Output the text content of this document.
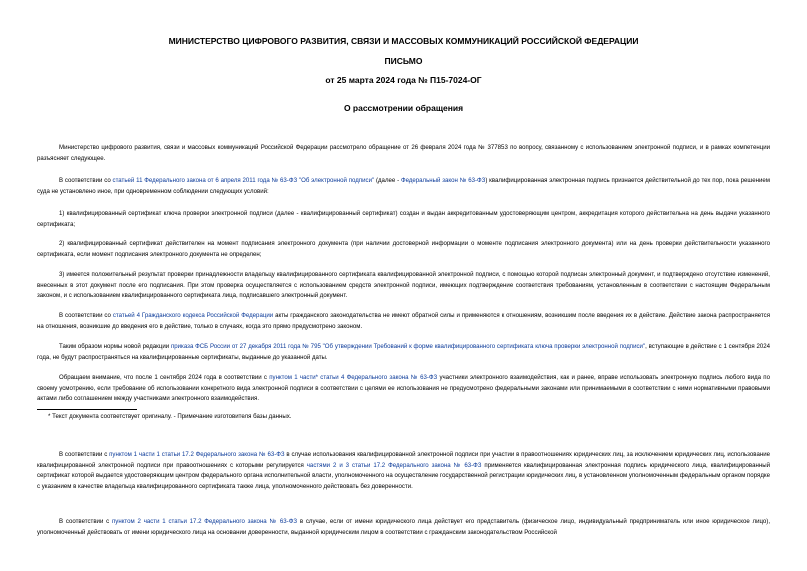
МИНИСТЕРСТВО ЦИФРОВОГО РАЗВИТИЯ, СВЯЗИ И МАССОВЫХ КОММУНИКАЦИЙ РОССИЙСКОЙ ФЕДЕРАЦИИ
ПИСЬМО
от 25 марта 2024 года № П15-7024-ОГ
О рассмотрении обращения

Министерство цифрового развития, связи и массовых коммуникаций Российской Федерации рассмотрело обращение от 26 февраля 2024 года № 377853 по вопросу, связанному с использованием электронной подписи, и в рамках компетенции разъясняет следующее.

В соответствии со статьей 11 Федерального закона от 6 апреля 2011 года № 63-ФЗ "Об электронной подписи" (далее - Федеральный закон № 63-ФЗ) квалифицированная электронная подпись признается действительной до тех пор, пока решением суда не установлено иное, при одновременном соблюдении следующих условий:

1) квалифицированный сертификат ключа проверки электронной подписи (далее - квалифицированный сертификат) создан и выдан аккредитованным удостоверяющим центром, аккредитация которого действительна на день выдачи указанного сертификата;

2) квалифицированный сертификат действителен на момент подписания электронного документа (при наличии достоверной информации о моменте подписания электронного документа) или на день проверки действительности указанного сертификата, если момент подписания электронного документа не определен;

3) имеется положительный результат проверки принадлежности владельцу квалифицированного сертификата квалифицированной электронной подписи, с помощью которой подписан электронный документ, и подтверждено отсутствие изменений, внесенных в этот документ после его подписания. При этом проверка осуществляется с использованием средств электронной подписи, имеющих подтверждение соответствия требованиям, установленным в соответствии с настоящим Федеральным законом, и с использованием квалифицированного сертификата лица, подписавшего электронный документ.

В соответствии со статьей 4 Гражданского кодекса Российской Федерации акты гражданского законодательства не имеют обратной силы и применяются к отношениям, возникшим после введения их в действие. Действие закона распространяется на отношения, возникшие до введения его в действие, только в случаях, когда это прямо предусмотрено законом.

Таким образом нормы новой редакции приказа ФСБ России от 27 декабря 2011 года № 795 "Об утверждении Требований к форме квалифицированного сертификата ключа проверки электронной подписи", вступающие в действие с 1 сентября 2024 года, не будут распространяться на квалифицированные сертификаты, выданные до указанной даты.

Обращаем внимание, что после 1 сентября 2024 года в соответствии с пунктом 1 части* статьи 4 Федерального закона № 63-ФЗ участники электронного взаимодействия, как и ранее, вправе использовать электронную подпись любого вида по своему усмотрению, если требование об использовании конкретного вида электронной подписи в соответствии с целями ее использования не предусмотрено федеральными законами или принимаемыми в соответствии с ними нормативными правовыми актами либо соглашением между участниками электронного взаимодействия.

* Текст документа соответствует оригиналу. - Примечание изготовителя базы данных.

В соответствии с пунктом 1 части 1 статьи 17.2 Федерального закона № 63-ФЗ в случае использования квалифицированной электронной подписи при участии в правоотношениях юридических лиц, за исключением юридических лиц, использование квалифицированной электронной подписи при правоотношениях с которыми регулируется частями 2 и 3 статьи 17.2 Федерального закона № 63-ФЗ применяется квалифицированная электронная подпись юридического лица, квалифицированный сертификат которой выдается удостоверяющим центром федерального органа исполнительной власти, уполномоченного на осуществление государственной регистрации юридических лиц, в установленном уполномоченным федеральным органом порядке с указанием в качестве владельца квалифицированного сертификата также лица, уполномоченного действовать без доверенности.

В соответствии с пунктом 2 части 1 статьи 17.2 Федерального закона № 63-ФЗ в случае, если от имени юридического лица действует его представитель (физическое лицо, индивидуальный предприниматель или иное юридическое лицо), уполномоченный действовать от имени юридического лица на основании доверенности, выданной юридическим лицом в соответствии с гражданским законодательством Российской
